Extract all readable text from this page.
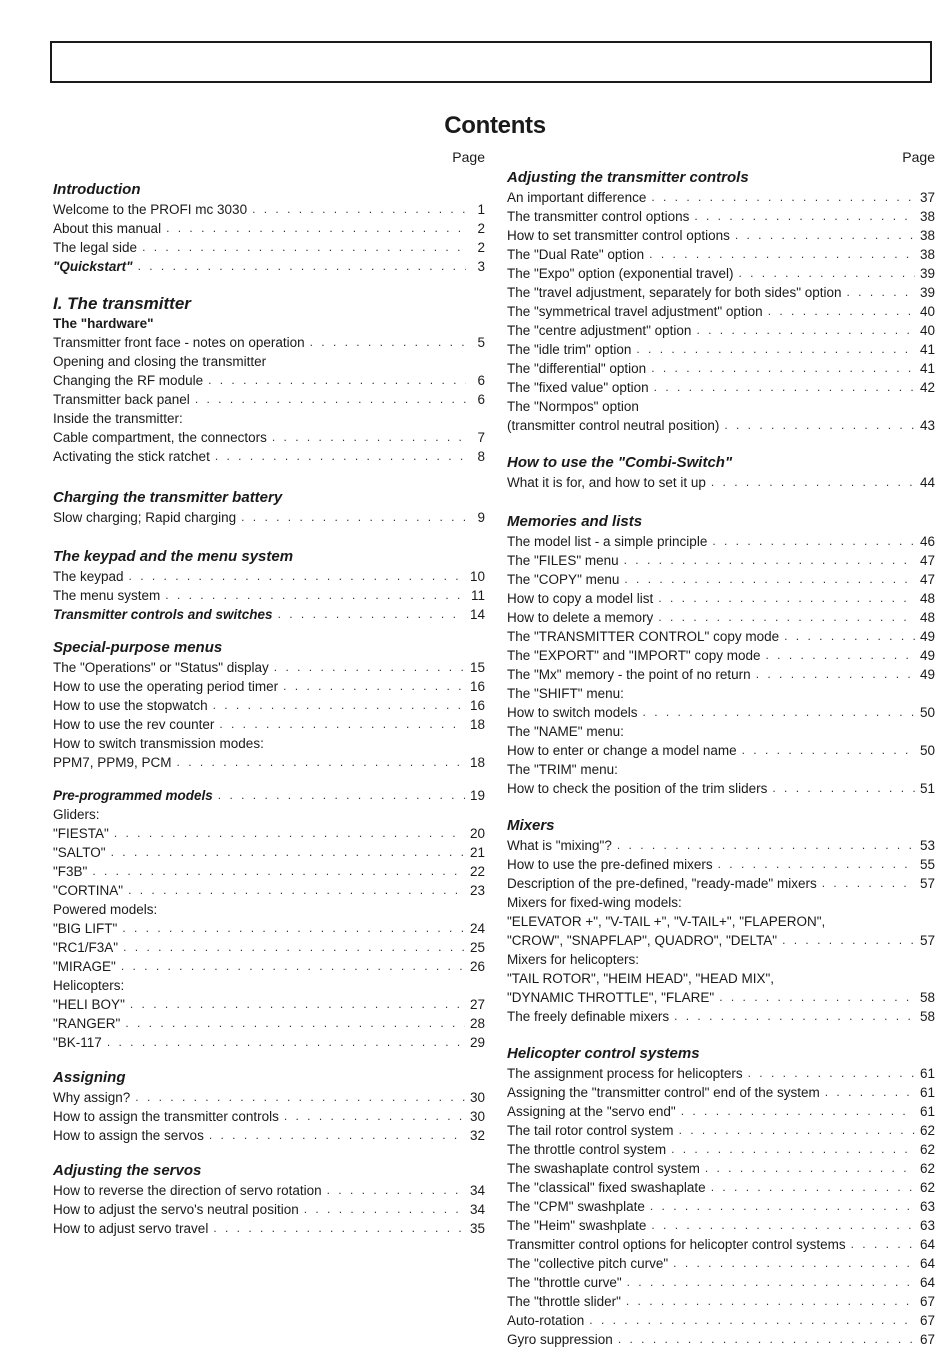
Contents
Page
Introduction
Welcome to the PROFI mc 3030 . . .	1
About this manual . . .	2
The legal side . . .	2
"Quickstart" . . .	3
I. The transmitter
The "hardware"
Transmitter front face - notes on operation . . .	5
Opening and closing the transmitter
Changing the RF module . . .	6
Transmitter back panel . . .	6
Inside the transmitter:
Cable compartment, the connectors . . .	7
Activating the stick ratchet . . .	8
Charging the transmitter battery
Slow charging; Rapid charging . . .	9
The keypad and the menu system
The keypad . . .	10
The menu system . . .	11
Transmitter controls and switches . . .	14
Special-purpose menus
The "Operations" or "Status" display . . .	15
How to use the operating period timer . . .	16
How to use the stopwatch . . .	16
How to use the rev counter . . .	18
How to switch transmission modes:
PPM7, PPM9, PCM . . .	18
Pre-programmed models . . .	19
Gliders:
"FIESTA" . . .	20
"SALTO" . . .	21
"F3B" . . .	22
"CORTINA" . . .	23
Powered models:
"BIG LIFT" . . .	24
"RC1/F3A" . . .	25
"MIRAGE" . . .	26
Helicopters:
"HELI BOY" . . .	27
"RANGER" . . .	28
"BK-117 . . .	29
Assigning
Why assign? . . .	30
How to assign the transmitter controls . . .	30
How to assign the servos . . .	32
Adjusting the servos
How to reverse the direction of servo rotation . . .	34
How to adjust the servo's neutral position . . .	34
How to adjust servo travel . . .	35
Page
Adjusting the transmitter controls
An important difference . . .	37
The transmitter control options . . .	38
How to set transmitter control options . . .	38
The "Dual Rate" option . . .	38
The "Expo" option (exponential travel) . . .	39
The "travel adjustment, separately for both sides" option . . .	39
The "symmetrical travel adjustment" option . . .	40
The "centre adjustment" option . . .	40
The "idle trim" option . . .	41
The "differential" option . . .	41
The "fixed value" option . . .	42
The "Normpos" option
(transmitter control neutral position) . . .	43
How to use the "Combi-Switch"
What it is for, and how to set it up . . .	44
Memories and lists
The model list - a simple principle . . .	46
The "FILES" menu . . .	47
The "COPY" menu . . .	47
How to copy a model list . . .	48
How to delete a memory . . .	48
The "TRANSMITTER CONTROL" copy mode . . .	49
The "EXPORT" and "IMPORT" copy mode . . .	49
The "Mx" memory - the point of no return . . .	49
The "SHIFT" menu:
How to switch models . . .	50
The "NAME" menu:
How to enter or change a model name . . .	50
The "TRIM" menu:
How to check the position of the trim sliders . . .	51
Mixers
What is "mixing"? . . .	53
How to use the pre-defined mixers . . .	55
Description of the pre-defined, "ready-made" mixers . . .	57
Mixers for fixed-wing models:
"ELEVATOR +", "V-TAIL +", "V-TAIL+", "FLAPERON",
"CROW", "SNAPFLAP", QUADRO", "DELTA" . . .	57
Mixers for helicopters:
"TAIL ROTOR", "HEIM HEAD", "HEAD MIX",
"DYNAMIC THROTTLE", "FLARE" . . .	58
The freely definable mixers . . .	58
Helicopter control systems
The assignment process for helicopters . . .	61
Assigning the "transmitter control" end of the system . . .	61
Assigning at the "servo end" . . .	61
The tail rotor control system . . .	62
The throttle control system . . .	62
The swashaplate control system . . .	62
The "classical" fixed swashaplate . . .	62
The "CPM" swashplate . . .	63
The "Heim" swashplate . . .	63
Transmitter control options for helicopter control systems . . .	64
The "collective pitch curve" . . .	64
The "throttle curve" . . .	64
The "throttle slider" . . .	67
Auto-rotation . . .	67
Gyro suppression . . .	67
